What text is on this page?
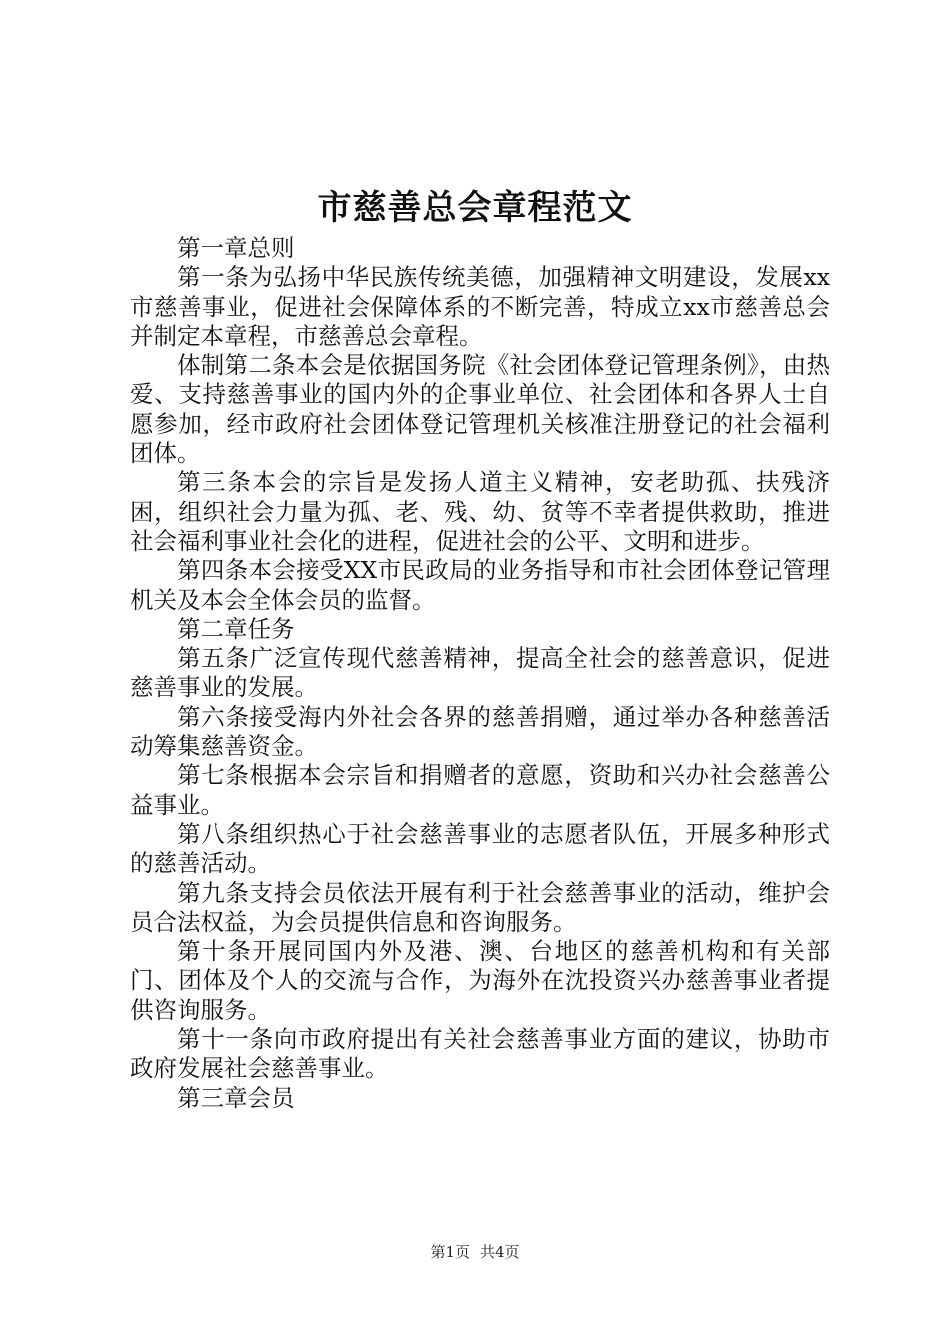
市慈善总会章程范文

第一章总则

第一条为弘扬中华民族传统美德，加强精神文明建设，发展xx市慈善事业，促进社会保障体系的不断完善，特成立xx市慈善总会并制定本章程，市慈善总会章程。

体制第二条本会是依据国务院《社会团体登记管理条例》，由热爱、支持慈善事业的国内外的企事业单位、社会团体和各界人士自愿参加，经市政府社会团体登记管理机关核准注册登记的社会福利团体。

第三条本会的宗旨是发扬人道主义精神，安老助孤、扶残济困，组织社会力量为孤、老、残、幼、贫等不幸者提供救助，推进社会福利事业社会化的进程，促进社会的公平、文明和进步。

第四条本会接受XX市民政局的业务指导和市社会团体登记管理机关及本会全体会员的监督。

第二章任务

第五条广泛宣传现代慈善精神，提高全社会的慈善意识，促进慈善事业的发展。

第六条接受海内外社会各界的慈善捐赠，通过举办各种慈善活动筹集慈善资金。

第七条根据本会宗旨和捐赠者的意愿，资助和兴办社会慈善公益事业。

第八条组织热心于社会慈善事业的志愿者队伍，开展多种形式的慈善活动。

第九条支持会员依法开展有利于社会慈善事业的活动，维护会员合法权益，为会员提供信息和咨询服务。

第十条开展同国内外及港、澳、台地区的慈善机构和有关部门、团体及个人的交流与合作，为海外在沈投资兴办慈善事业者提供咨询服务。

第十一条向市政府提出有关社会慈善事业方面的建议，协助市政府发展社会慈善事业。

第三章会员

第1页 共4页
